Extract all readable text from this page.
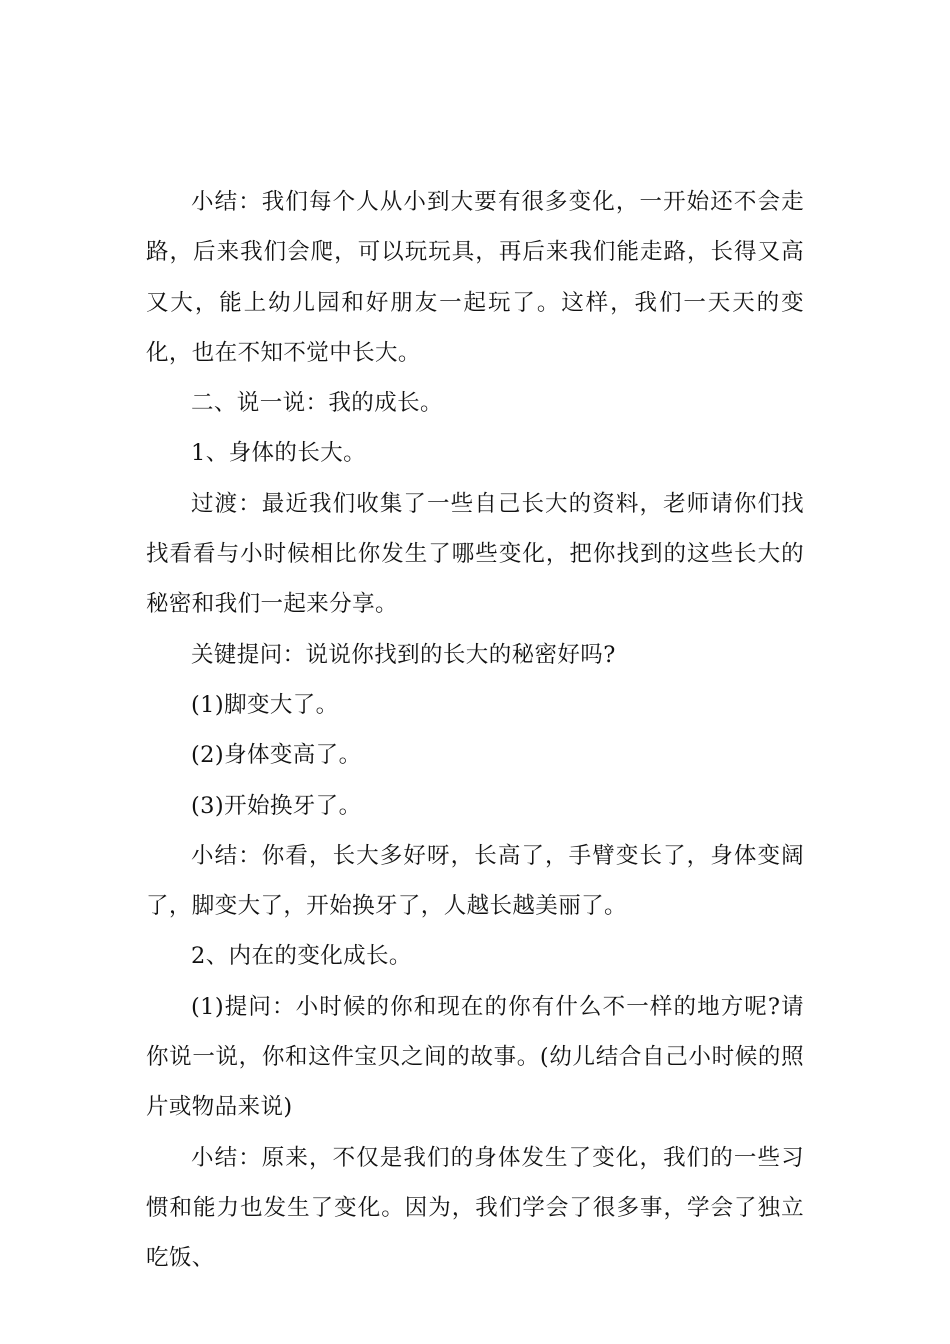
小结：我们每个人从小到大要有很多变化，一开始还不会走路，后来我们会爬，可以玩玩具，再后来我们能走路，长得又高又大，能上幼儿园和好朋友一起玩了。这样，我们一天天的变化，也在不知不觉中长大。

二、说一说：我的成长。

1、身体的长大。

过渡：最近我们收集了一些自己长大的资料，老师请你们找找看看与小时候相比你发生了哪些变化，把你找到的这些长大的秘密和我们一起来分享。

关键提问：说说你找到的长大的秘密好吗?

(1)脚变大了。

(2)身体变高了。

(3)开始换牙了。

小结：你看，长大多好呀，长高了，手臂变长了，身体变阔了，脚变大了，开始换牙了，人越长越美丽了。

2、内在的变化成长。

(1)提问：小时候的你和现在的你有什么不一样的地方呢?请你说一说，你和这件宝贝之间的故事。(幼儿结合自己小时候的照片或物品来说)

小结：原来，不仅是我们的身体发生了变化，我们的一些习惯和能力也发生了变化。因为，我们学会了很多事，学会了独立吃饭、
